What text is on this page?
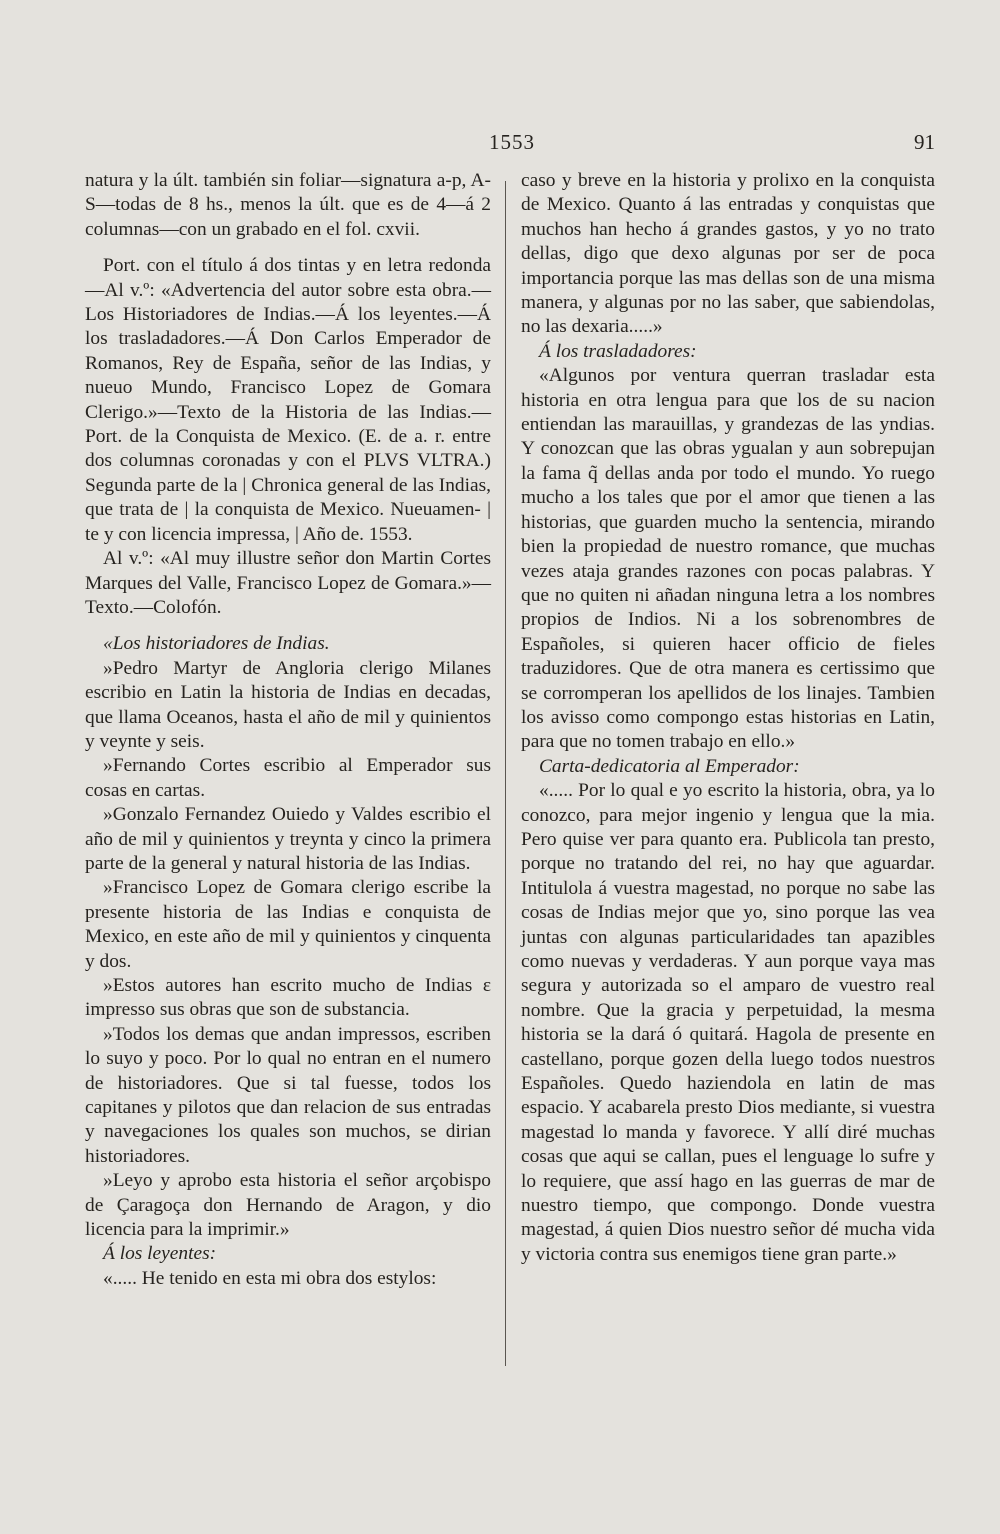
1553	91

natura y la últ. también sin foliar—signatura a-p, A-S—todas de 8 hs., menos la últ. que es de 4—á 2 columnas—con un grabado en el fol. cxvii.

Port. con el título á dos tintas y en letra redonda—Al v.º: «Advertencia del autor sobre esta obra.—Los Historiadores de Indias.—Á los leyentes.—Á los trasladadores.—Á Don Carlos Emperador de Romanos, Rey de España, señor de las Indias, y nueuo Mundo, Francisco Lopez de Gomara Clerigo.»—Texto de la Historia de las Indias.—Port. de la Conquista de Mexico. (E. de a. r. entre dos columnas coronadas y con el PLVS VLTRA.) Segunda parte de la | Chronica general de las Indias, que trata de | la conquista de Mexico. Nueuamen- | te y con licencia impressa, | Año de. 1553.

Al v.º: «Al muy illustre señor don Martin Cortes Marques del Valle, Francisco Lopez de Gomara.»—Texto.—Colofón.

«Los historiadores de Indias.

»Pedro Martyr de Angloria clerigo Milanes escribio en Latin la historia de Indias en decadas, que llama Oceanos, hasta el año de mil y quinientos y veynte y seis.

»Fernando Cortes escribio al Emperador sus cosas en cartas.

»Gonzalo Fernandez Ouiedo y Valdes escribio el año de mil y quinientos y treynta y cinco la primera parte de la general y natural historia de las Indias.

»Francisco Lopez de Gomara clerigo escribe la presente historia de las Indias e conquista de Mexico, en este año de mil y quinientos y cinquenta y dos.

»Estos autores han escrito mucho de Indias ɛ impresso sus obras que son de substancia.

»Todos los demas que andan impressos, escriben lo suyo y poco. Por lo qual no entran en el numero de historiadores. Que si tal fuesse, todos los capitanes y pilotos que dan relacion de sus entradas y navegaciones los quales son muchos, se dirian historiadores.

»Leyo y aprobo esta historia el señor arçobispo de Çaragoça don Hernando de Aragon, y dio licencia para la imprimir.»

Á los leyentes:

«..... He tenido en esta mi obra dos estylos:

caso y breve en la historia y prolixo en la conquista de Mexico. Quanto á las entradas y conquistas que muchos han hecho á grandes gastos, y yo no trato dellas, digo que dexo algunas por ser de poca importancia porque las mas dellas son de una misma manera, y algunas por no las saber, que sabiendolas, no las dexaria.....»

Á los trasladadores:

«Algunos por ventura querran trasladar esta historia en otra lengua para que los de su nacion entiendan las marauillas, y grandezas de las yndias. Y conozcan que las obras ygualan y aun sobrepujan la fama q̃ dellas anda por todo el mundo. Yo ruego mucho a los tales que por el amor que tienen a las historias, que guarden mucho la sentencia, mirando bien la propiedad de nuestro romance, que muchas vezes ataja grandes razones con pocas palabras. Y que no quiten ni añadan ninguna letra a los nombres propios de Indios. Ni a los sobrenombres de Españoles, si quieren hacer officio de fieles traduzidores. Que de otra manera es certissimo que se corromperan los apellidos de los linajes. Tambien los avisso como compongo estas historias en Latin, para que no tomen trabajo en ello.»

Carta-dedicatoria al Emperador:

«..... Por lo qual e yo escrito la historia, obra, ya lo conozco, para mejor ingenio y lengua que la mia. Pero quise ver para quanto era. Publicola tan presto, porque no tratando del rei, no hay que aguardar. Intitulola á vuestra magestad, no porque no sabe las cosas de Indias mejor que yo, sino porque las vea juntas con algunas particularidades tan apazibles como nuevas y verdaderas. Y aun porque vaya mas segura y autorizada so el amparo de vuestro real nombre. Que la gracia y perpetuidad, la mesma historia se la dará ó quitará. Hagola de presente en castellano, porque gozen della luego todos nuestros Españoles. Quedo haziendola en latin de mas espacio. Y acabarela presto Dios mediante, si vuestra magestad lo manda y favorece. Y allí diré muchas cosas que aqui se callan, pues el lenguage lo sufre y lo requiere, que assí hago en las guerras de mar de nuestro tiempo, que compongo. Donde vuestra magestad, á quien Dios nuestro señor dé mucha vida y victoria contra sus enemigos tiene gran parte.»
